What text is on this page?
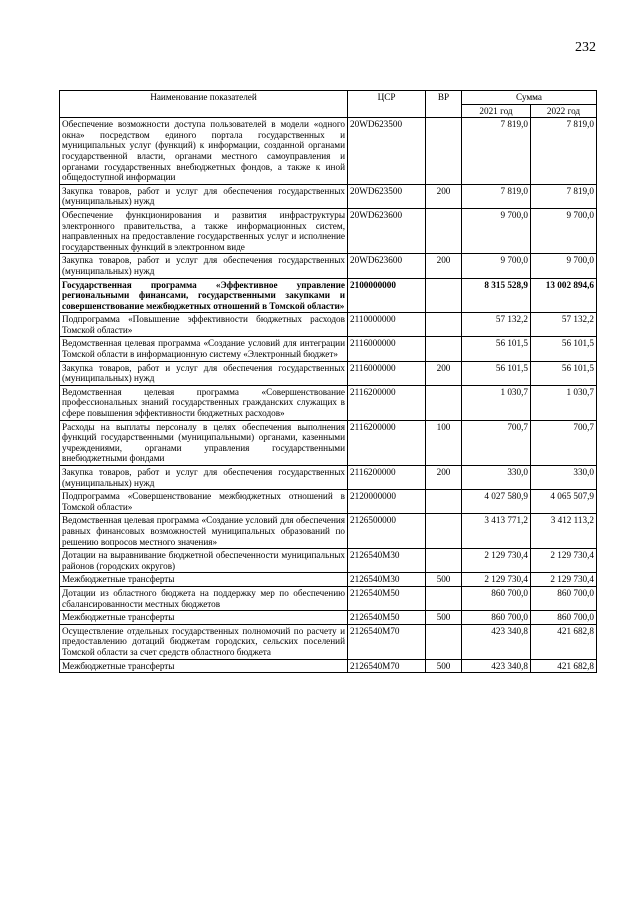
232
Наименование показателей	ЦСР	ВР	Сумма	
			2021 год	2022 год
Обеспечение возможности доступа пользователей в модели «одного окна» посредством единого портала государственных и муниципальных услуг (функций) к информации, созданной органами государственной власти, органами местного самоуправления и органами государственных внебюджетных фондов, а также к иной общедоступной информации	20WD623500		7 819,0	7 819,0
Закупка товаров, работ и услуг для обеспечения государственных (муниципальных) нужд	20WD623500	200	7 819,0	7 819,0
Обеспечение функционирования и развития инфраструктуры электронного правительства, а также информационных систем, направленных на предоставление государственных услуг и исполнение государственных функций в электронном виде	20WD623600		9 700,0	9 700,0
Закупка товаров, работ и услуг для обеспечения государственных (муниципальных) нужд	20WD623600	200	9 700,0	9 700,0
Государственная программа «Эффективное управление региональными финансами, государственными закупками и совершенствование межбюджетных отношений в Томской области»	2100000000		8 315 528,9	13 002 894,6
Подпрограмма «Повышение эффективности бюджетных расходов Томской области»	2110000000		57 132,2	57 132,2
Ведомственная целевая программа «Создание условий для интеграции Томской области в информационную систему «Электронный бюджет»	2116000000		56 101,5	56 101,5
Закупка товаров, работ и услуг для обеспечения государственных (муниципальных) нужд	2116000000	200	56 101,5	56 101,5
Ведомственная целевая программа «Совершенствование профессиональных знаний государственных гражданских служащих в сфере повышения эффективности бюджетных расходов»	2116200000		1 030,7	1 030,7
Расходы на выплаты персоналу в целях обеспечения выполнения функций государственными (муниципальными) органами, казенными учреждениями, органами управления государственными внебюджетными фондами	2116200000	100	700,7	700,7
Закупка товаров, работ и услуг для обеспечения государственных (муниципальных) нужд	2116200000	200	330,0	330,0
Подпрограмма «Совершенствование межбюджетных отношений в Томской области»	2120000000		4 027 580,9	4 065 507,9
Ведомственная целевая программа «Создание условий для обеспечения равных финансовых возможностей муниципальных образований по решению вопросов местного значения»	2126500000		3 413 771,2	3 412 113,2
Дотации на выравнивание бюджетной обеспеченности муниципальных районов (городских округов)	2126540М30		2 129 730,4	2 129 730,4
Межбюджетные трансферты	2126540М30	500	2 129 730,4	2 129 730,4
Дотации из областного бюджета на поддержку мер по обеспечению сбалансированности местных бюджетов	2126540М50		860 700,0	860 700,0
Межбюджетные трансферты	2126540М50	500	860 700,0	860 700,0
Осуществление отдельных государственных полномочий по расчету и предоставлению дотаций бюджетам городских, сельских поселений Томской области за счет средств областного бюджета	2126540М70		423 340,8	421 682,8
Межбюджетные трансферты	2126540М70	500	423 340,8	421 682,8
